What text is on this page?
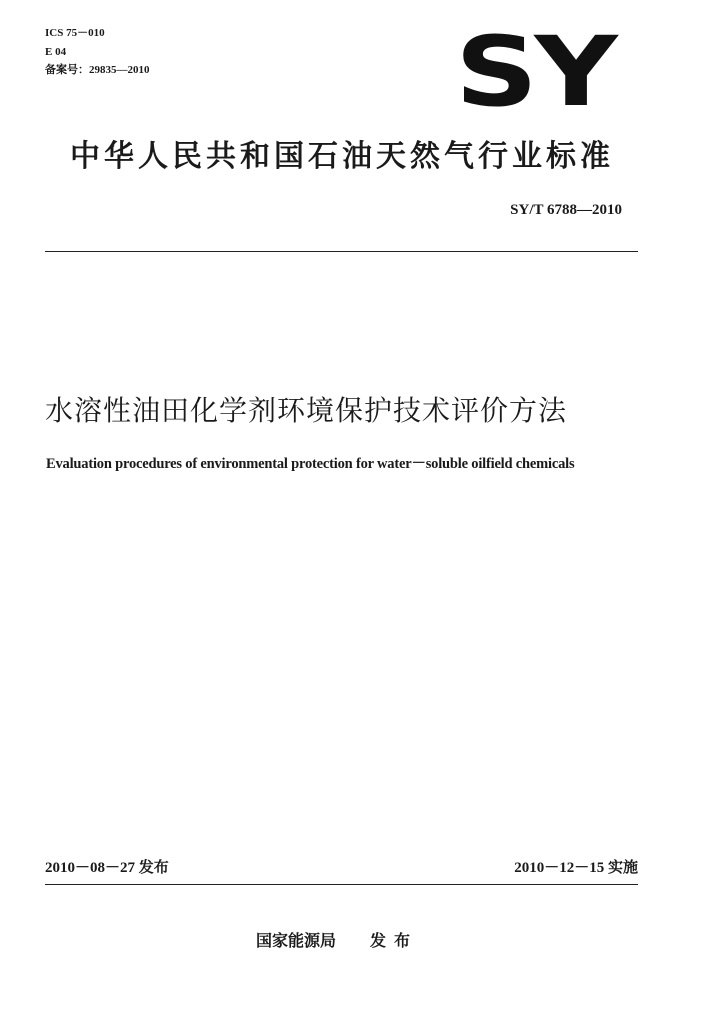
ICS 75－010
E 04
备案号：29835—2010	SY
中华人民共和国石油天然气行业标准
SY/T 6788—2010
水溶性油田化学剂环境保护技术评价方法
Evaluation procedures of environmental protection for water－soluble oilfield chemicals
2010－08－27 发布	2010－12－15 实施
国家能源局 发布
